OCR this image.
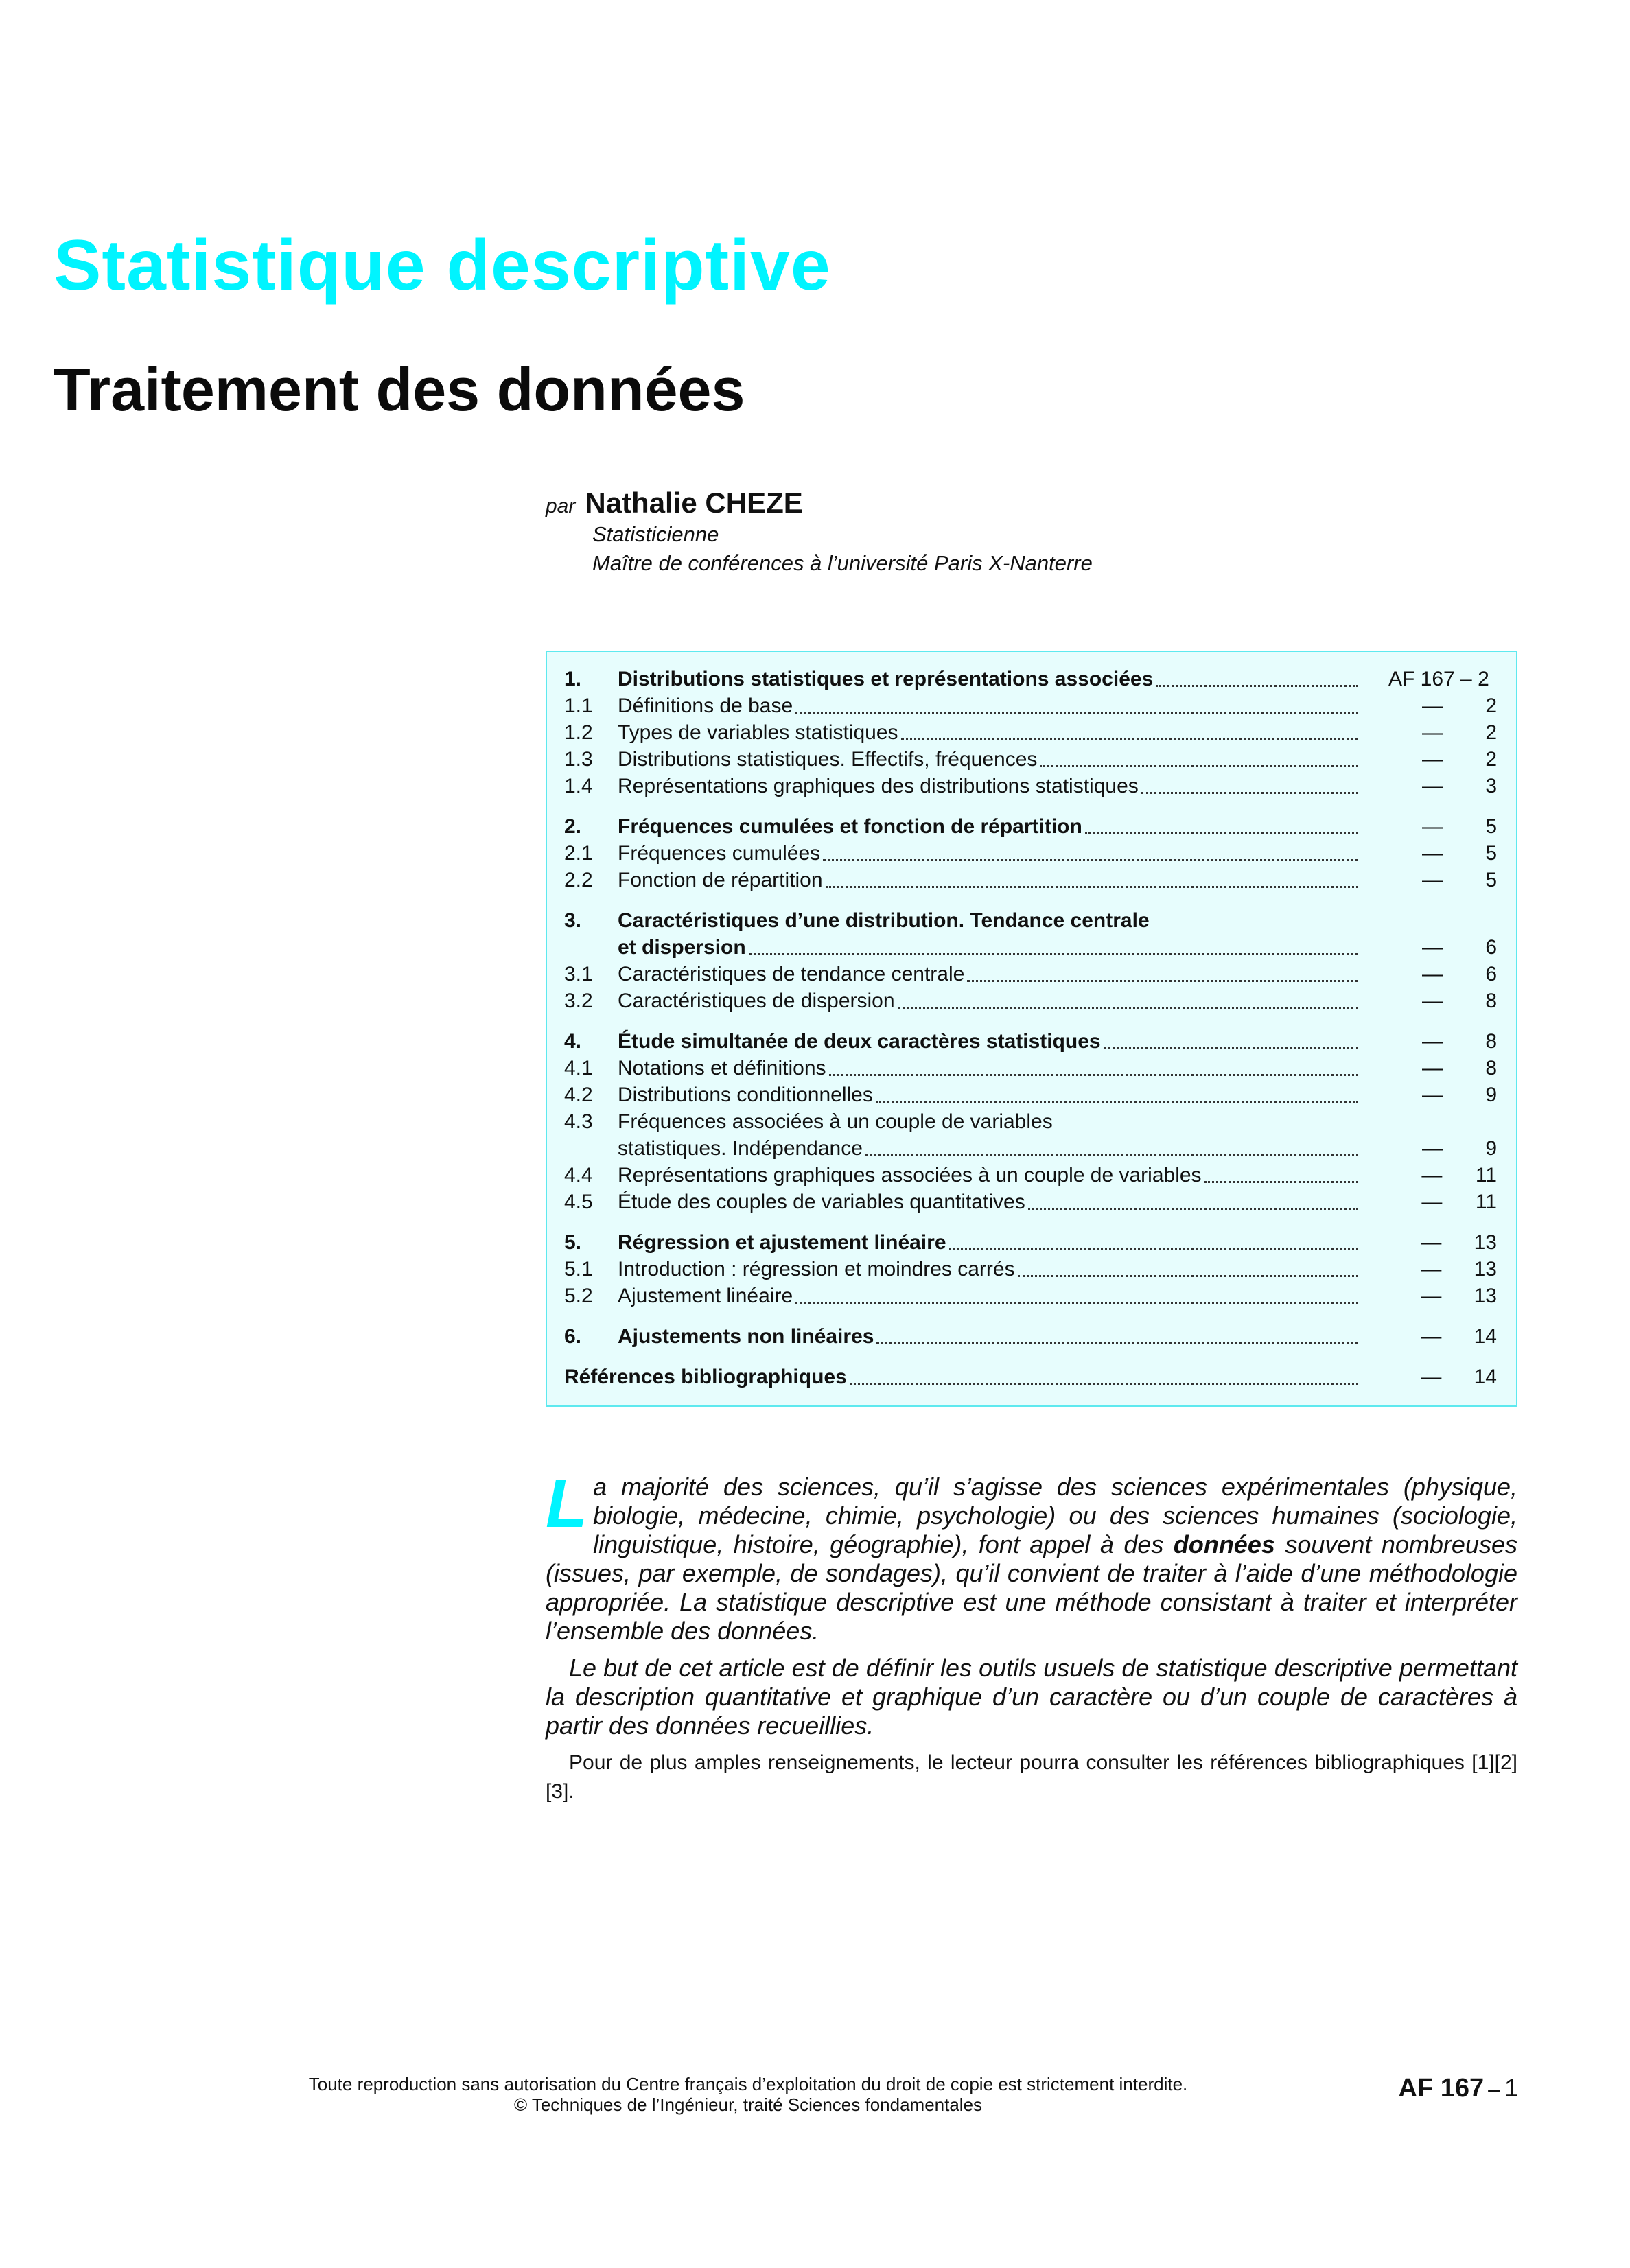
Statistique descriptive
Traitement des données
par Nathalie CHEZE
Statisticienne
Maître de conférences à l’université Paris X-Nanterre
1.	Distributions statistiques et représentations associées	AF 167 – 2
1.1	Définitions de base	—	2
1.2	Types de variables statistiques	—	2
1.3	Distributions statistiques. Effectifs, fréquences	—	2
1.4	Représentations graphiques des distributions statistiques	—	3
2.	Fréquences cumulées et fonction de répartition	—	5
2.1	Fréquences cumulées	—	5
2.2	Fonction de répartition	—	5
3.	Caractéristiques d’une distribution. Tendance centrale
et dispersion	—	6
3.1	Caractéristiques de tendance centrale	—	6
3.2	Caractéristiques de dispersion	—	8
4.	Étude simultanée de deux caractères statistiques	—	8
4.1	Notations et définitions	—	8
4.2	Distributions conditionnelles	—	9
4.3	Fréquences associées à un couple de variables
statistiques. Indépendance	—	9
4.4	Représentations graphiques associées à un couple de variables	—	11
4.5	Étude des couples de variables quantitatives	—	11
5.	Régression et ajustement linéaire	—	13
5.1	Introduction : régression et moindres carrés	—	13
5.2	Ajustement linéaire	—	13
6.	Ajustements non linéaires	—	14
Références bibliographiques	—	14

La majorité des sciences, qu’il s’agisse des sciences expérimentales (physique, biologie, médecine, chimie, psychologie) ou des sciences humaines (sociologie, linguistique, histoire, géographie), font appel à des données souvent nombreuses (issues, par exemple, de sondages), qu’il convient de traiter à l’aide d’une méthodologie appropriée. La statistique descriptive est une méthode consistant à traiter et interpréter l’ensemble des données.

Le but de cet article est de définir les outils usuels de statistique descriptive permettant la description quantitative et graphique d’un caractère ou d’un couple de caractères à partir des données recueillies.

Pour de plus amples renseignements, le lecteur pourra consulter les références bibliographiques [1][2][3].

Toute reproduction sans autorisation du Centre français d’exploitation du droit de copie est strictement interdite.
© Techniques de l’Ingénieur, traité Sciences fondamentales
AF 167 – 1
